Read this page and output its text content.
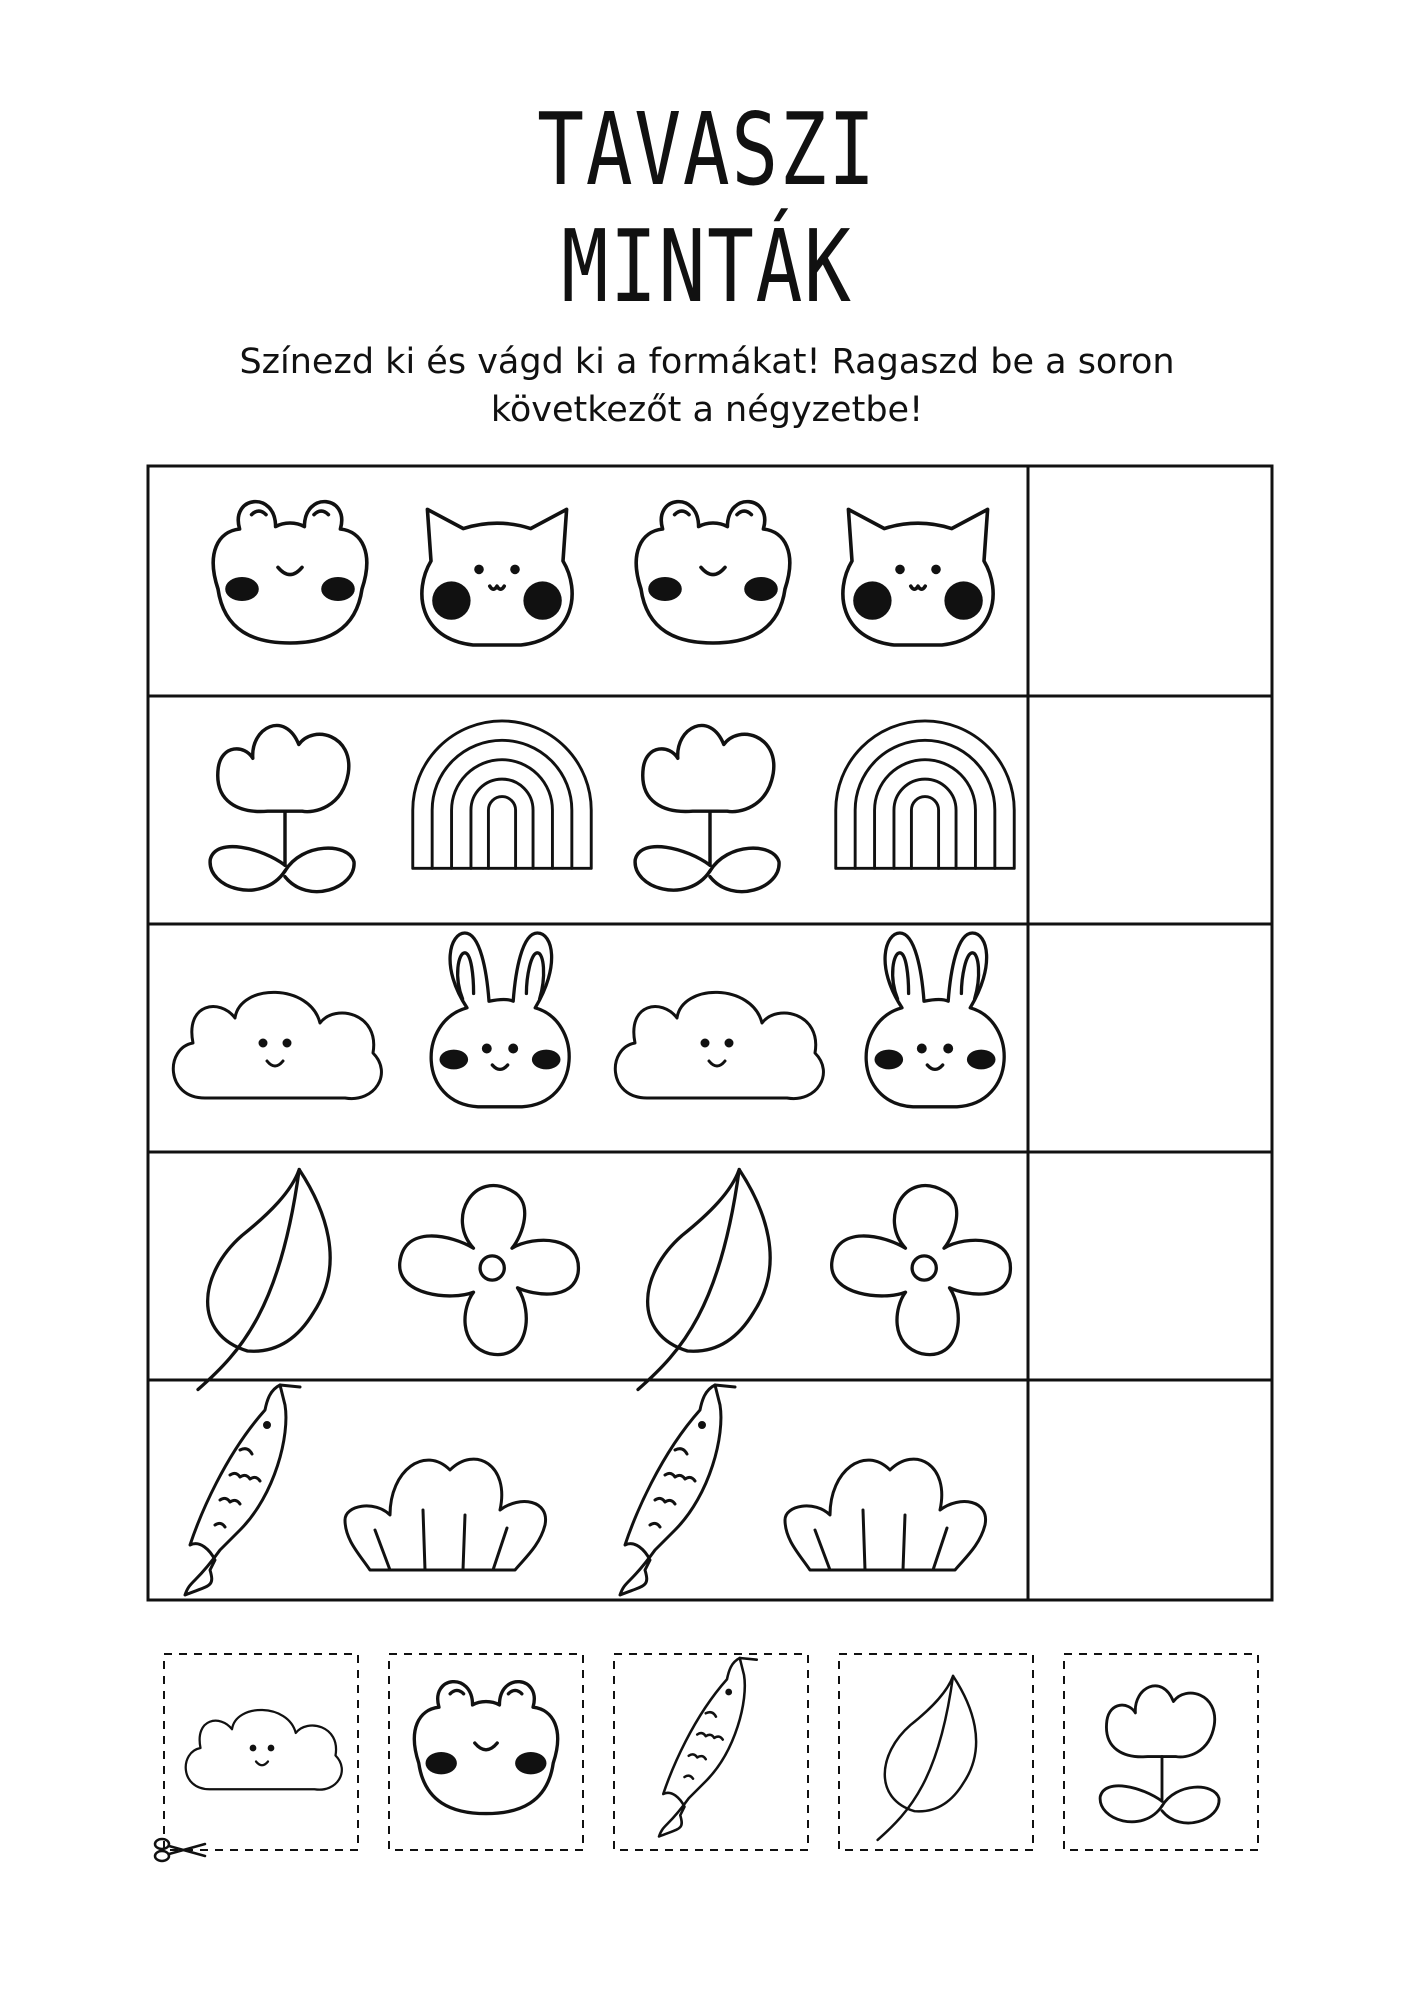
TAVASZI
MINTÁK
Színezd ki és vágd ki a formákat! Ragaszd be a soron
következőt a négyzetbe!
